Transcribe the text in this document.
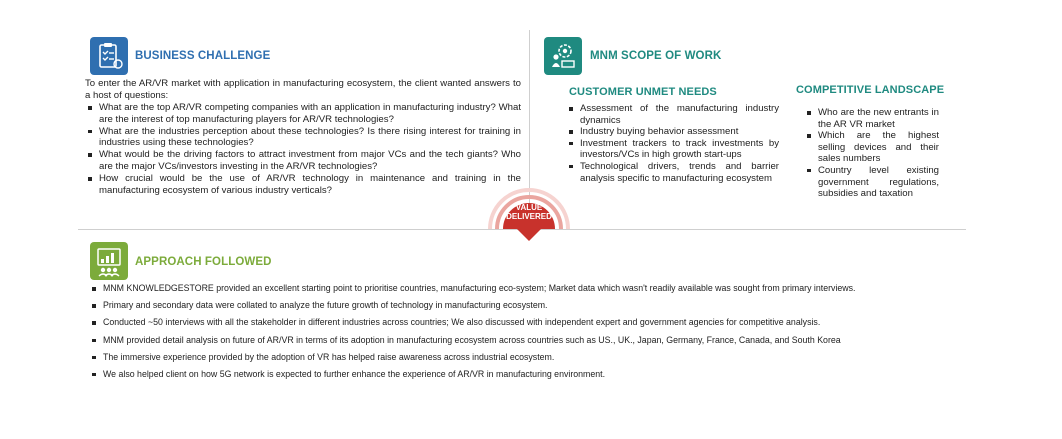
BUSINESS CHALLENGE
To enter the AR/VR market with application in manufacturing ecosystem, the client wanted answers to a host of questions:
What are the top AR/VR competing companies with an application in manufacturing industry? What are the interest of top manufacturing players for AR/VR technologies?
What are the industries perception about these technologies? Is there rising interest for training in industries using these technologies?
What would be the driving factors to attract investment from major VCs and the tech giants? Who are the major VCs/investors investing in the AR/VR technologies?
How crucial would be the use of AR/VR technology in maintenance and training in the manufacturing ecosystem of various industry verticals?
MNM SCOPE OF WORK
CUSTOMER UNMET NEEDS
Assessment of the manufacturing industry dynamics
Industry buying behavior assessment
Investment trackers to track investments by investors/VCs in high growth start-ups
Technological drivers, trends and barrier analysis specific to manufacturing ecosystem
COMPETITIVE LANDSCAPE
Who are the new entrants in the AR VR market
Which are the highest selling devices and their sales numbers
Country level existing government regulations, subsidies and taxation
VALUE
DELIVERED
APPROACH FOLLOWED
MNM KNOWLEDGESTORE provided an excellent starting point to prioritise countries, manufacturing eco-system; Market data which wasn't readily available was sought from primary interviews.
Primary and secondary data were collated to analyze the future growth of technology in manufacturing ecosystem.
Conducted ~50 interviews with all the stakeholder in different industries across countries; We also discussed with independent expert and government agencies for competitive analysis.
MNM provided detail analysis on future of AR/VR in terms of its adoption in manufacturing ecosystem across countries such as US., UK., Japan, Germany, France, Canada, and South Korea
The immersive experience provided by the adoption of VR has helped raise awareness across industrial ecosystem.
We also helped client on how 5G network is expected to further enhance the experience of AR/VR in manufacturing environment.
